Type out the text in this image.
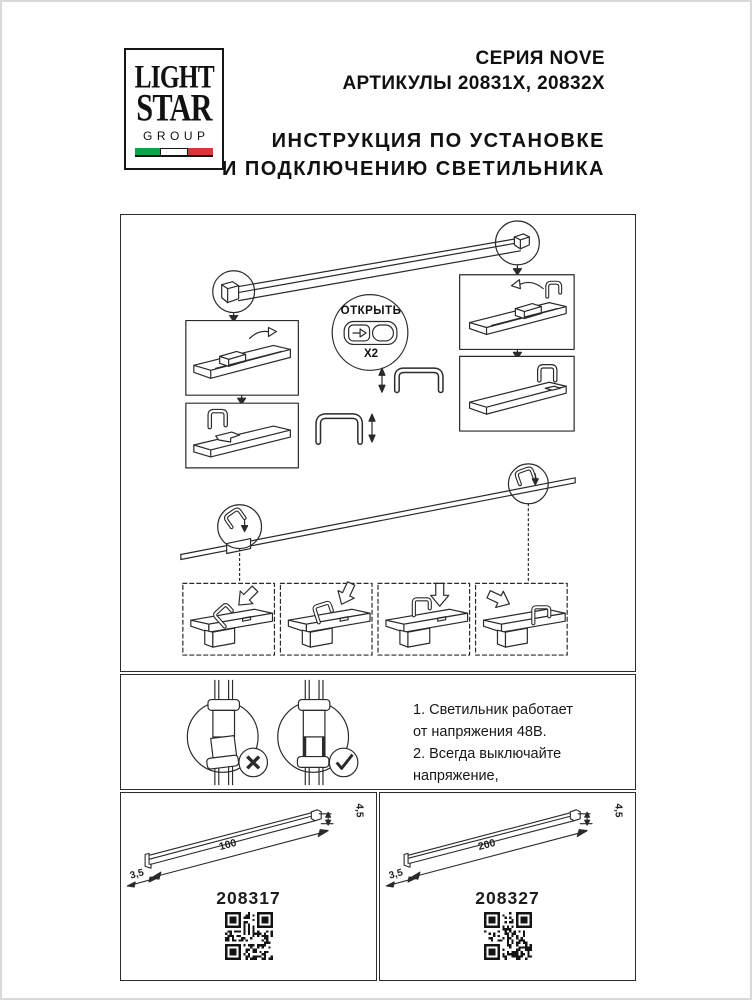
LIGHT
STAR
GROUP
СЕРИЯ NOVE
АРТИКУЛЫ 20831X, 20832X
ИНСТРУКЦИЯ ПО УСТАНОВКЕ
И ПОДКЛЮЧЕНИЮ СВЕТИЛЬНИКА
ОТКРЫТЬ
X2
1. Светильник работает
от напряжения 48В.
2. Всегда выключайте напряжение,
100
3,5
4,5
208317
200
3,5
4,5
208327
